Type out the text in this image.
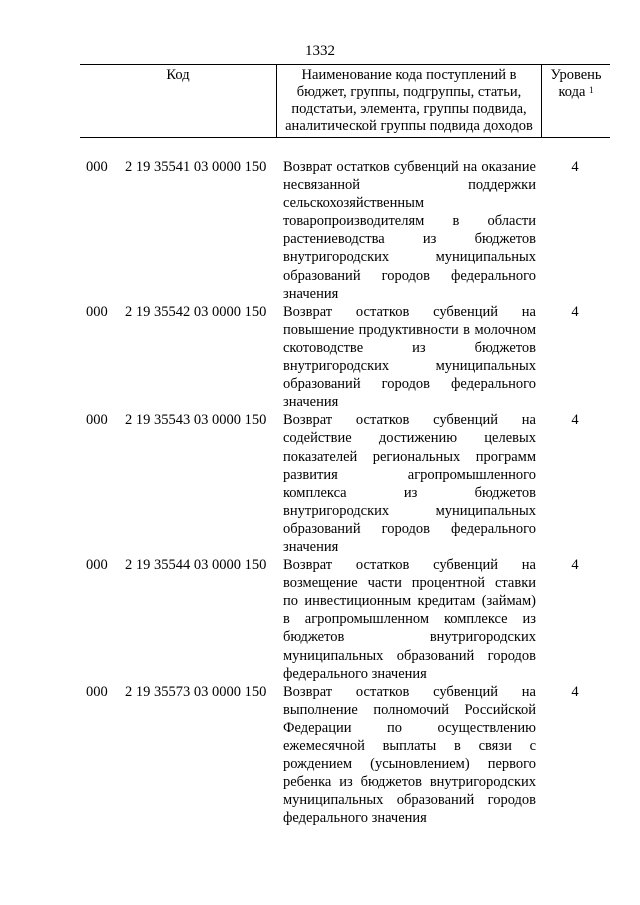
1332
Код	Наименование кода поступлений в
бюджет, группы, подгруппы, статьи,
подстатьи, элемента, группы подвида,
аналитической группы подвида доходов
Уровень
кода $^1$
000	2 19 35541 03 0000 150	Возврат остатков субвенций на оказание
несвязанной поддержки
сельскохозяйственным
товаропроизводителям в области
растениеводства из бюджетов
внутригородских муниципальных
образований городов федерального
значения
4
000	2 19 35542 03 0000 150	Возврат остатков субвенций на
повышение продуктивности в молочном
скотоводстве из бюджетов
внутригородских муниципальных
образований городов федерального
значения
4
000	2 19 35543 03 0000 150	Возврат остатков субвенций на
содействие достижению целевых
показателей региональных программ
развития агропромышленного
комплекса из бюджетов
внутригородских муниципальных
образований городов федерального
значения
4
000	2 19 35544 03 0000 150	Возврат остатков субвенций на
возмещение части процентной ставки
по инвестиционным кредитам (займам)
в агропромышленном комплексе из
бюджетов внутригородских
муниципальных образований городов
федерального значения
4
000	2 19 35573 03 0000 150	Возврат остатков субвенций на
выполнение полномочий Российской
Федерации по осуществлению
ежемесячной выплаты в связи с
рождением (усыновлением) первого
ребенка из бюджетов внутригородских
муниципальных образований городов
федерального значения
4
